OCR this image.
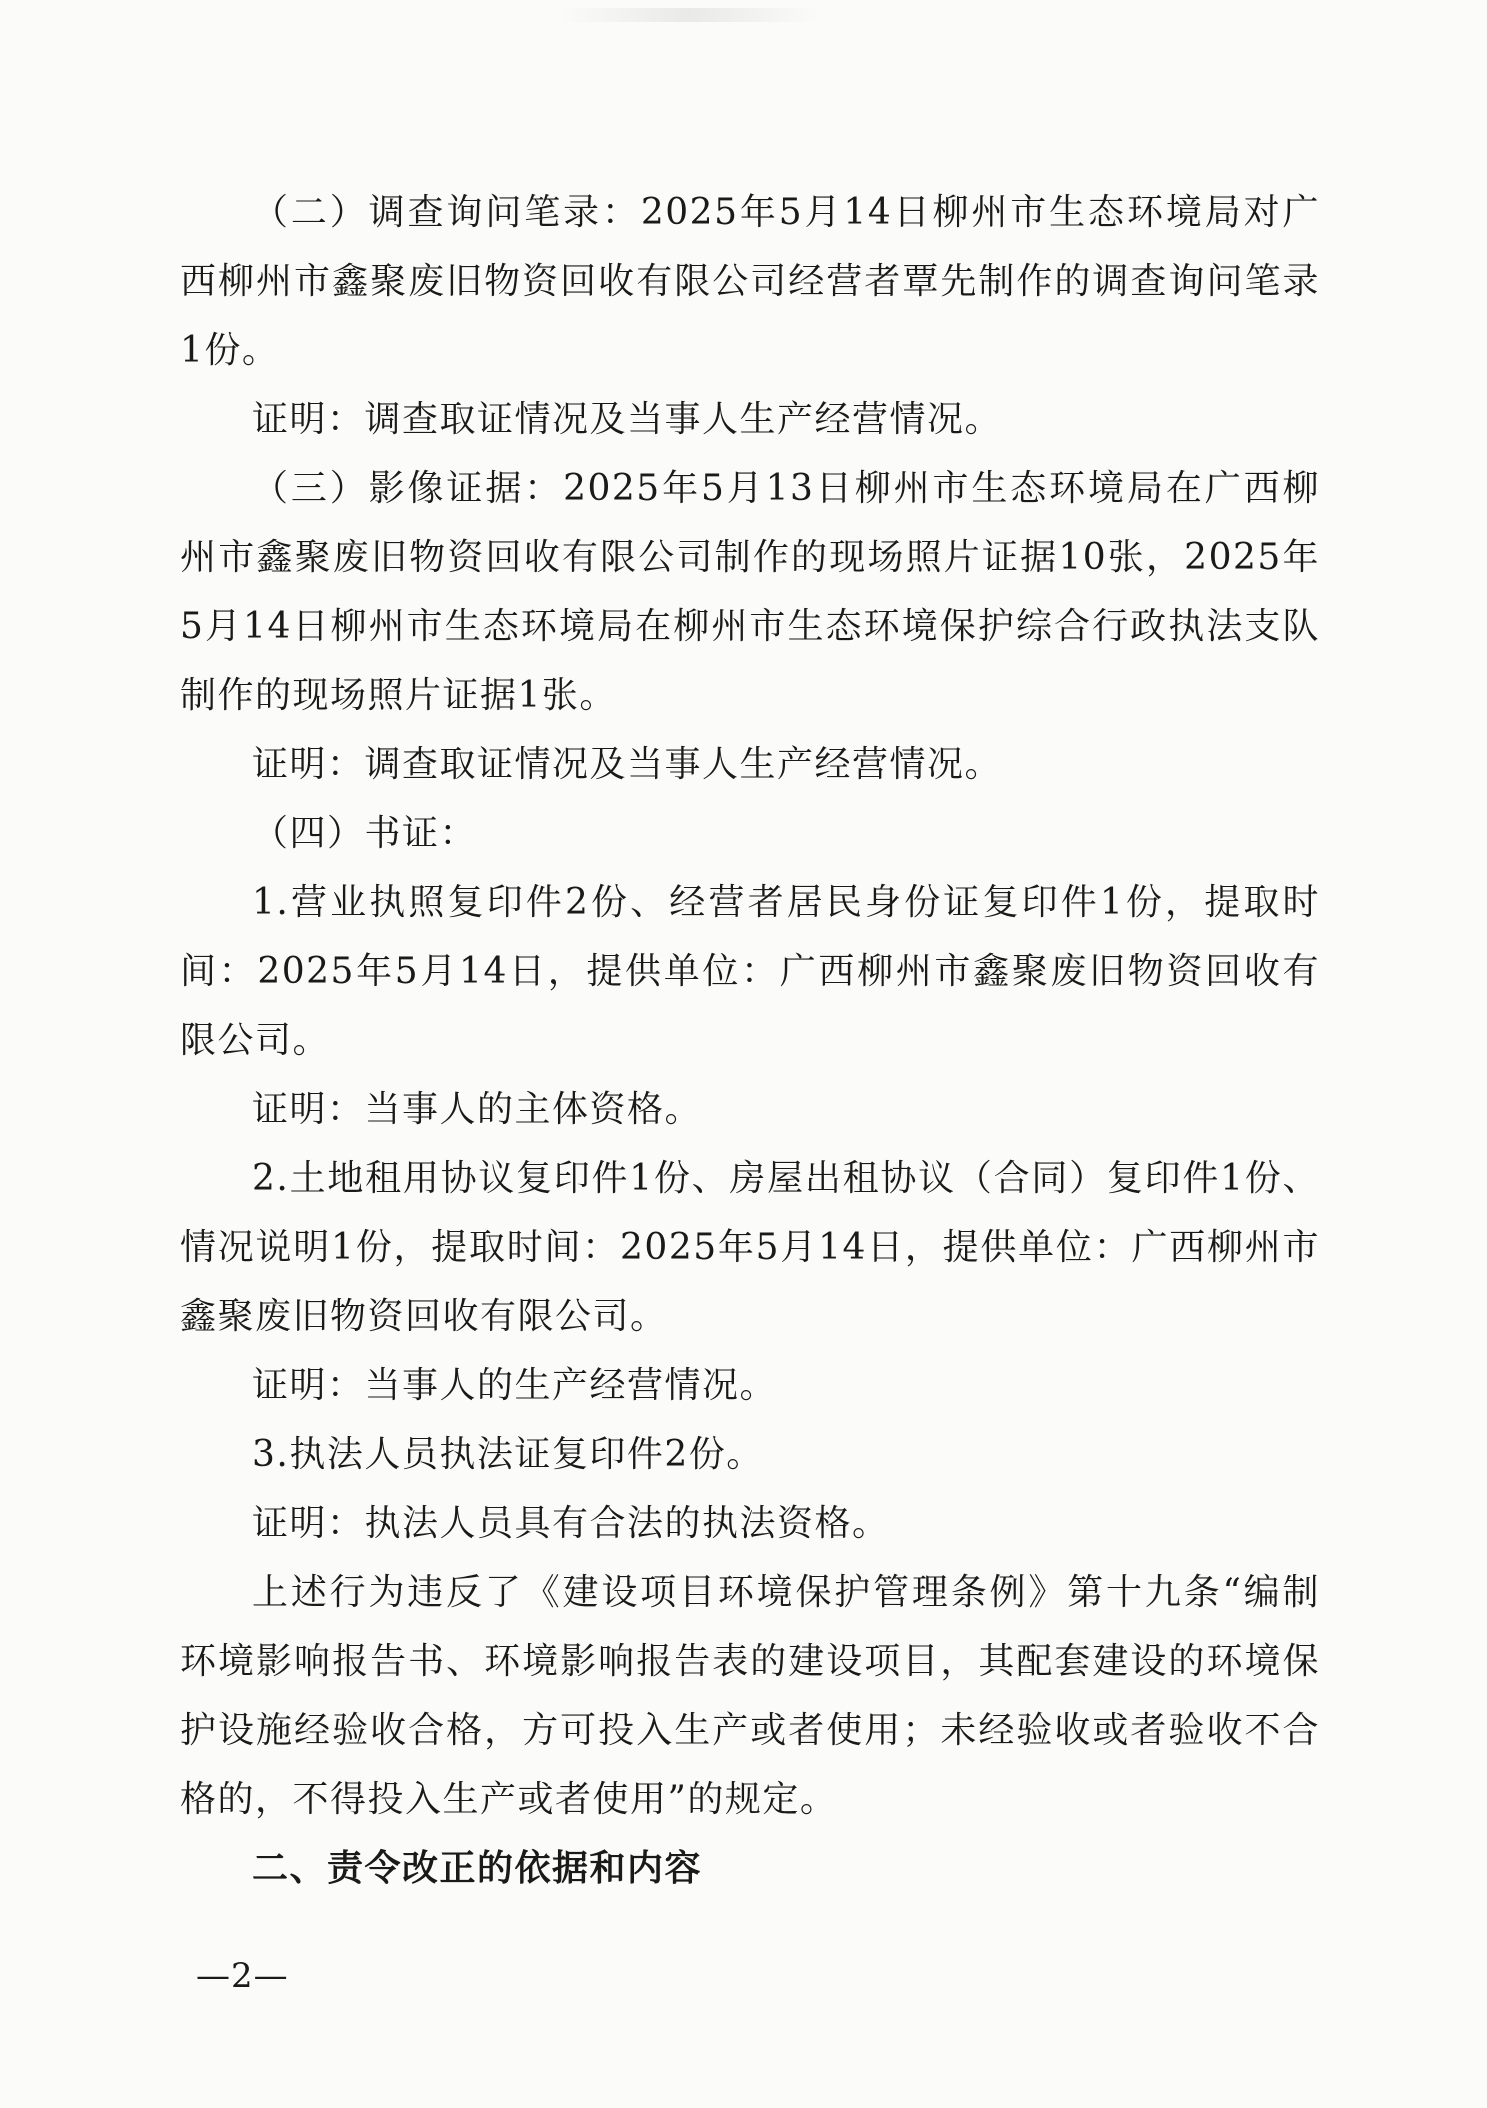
（二）调查询问笔录：2025年5月14日柳州市生态环境局对广西柳州市鑫聚废旧物资回收有限公司经营者覃先制作的调查询问笔录1份。

证明：调查取证情况及当事人生产经营情况。

（三）影像证据：2025年5月13日柳州市生态环境局在广西柳州市鑫聚废旧物资回收有限公司制作的现场照片证据10张，2025年5月14日柳州市生态环境局在柳州市生态环境保护综合行政执法支队制作的现场照片证据1张。

证明：调查取证情况及当事人生产经营情况。

（四）书证：

1.营业执照复印件2份、经营者居民身份证复印件1份，提取时间：2025年5月14日，提供单位：广西柳州市鑫聚废旧物资回收有限公司。

证明：当事人的主体资格。

2.土地租用协议复印件1份、房屋出租协议（合同）复印件1份、情况说明1份，提取时间：2025年5月14日，提供单位：广西柳州市鑫聚废旧物资回收有限公司。

证明：当事人的生产经营情况。

3.执法人员执法证复印件2份。

证明：执法人员具有合法的执法资格。

上述行为违反了《建设项目环境保护管理条例》第十九条“编制环境影响报告书、环境影响报告表的建设项目，其配套建设的环境保护设施经验收合格，方可投入生产或者使用；未经验收或者验收不合格的，不得投入生产或者使用”的规定。

二、责令改正的依据和内容

—2—
